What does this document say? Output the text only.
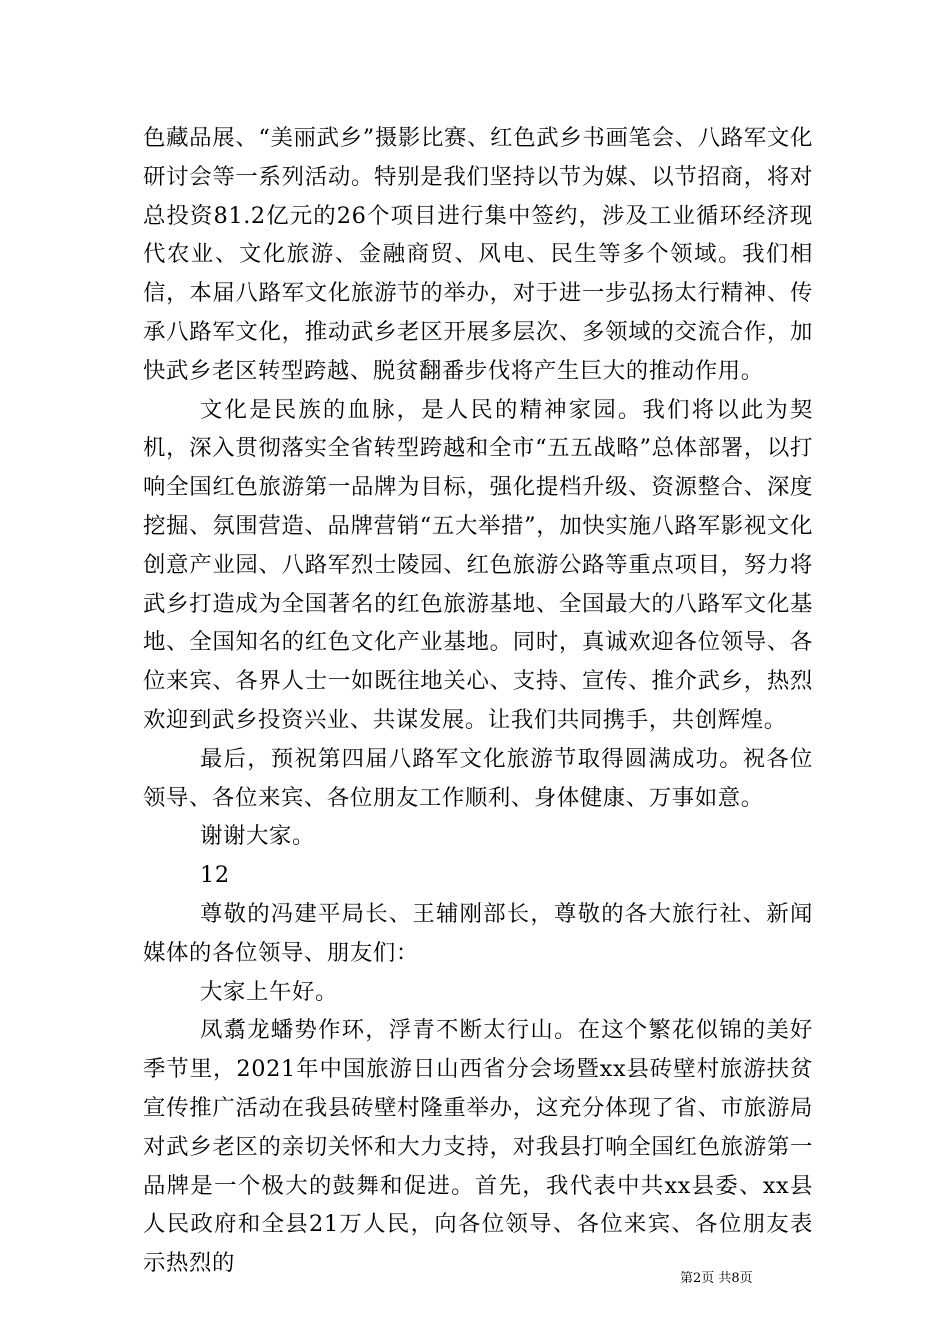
色藏品展、“美丽武乡”摄影比赛、红色武乡书画笔会、八路军文化研讨会等一系列活动。特别是我们坚持以节为媒、以节招商，将对总投资81.2亿元的26个项目进行集中签约，涉及工业循环经济现代农业、文化旅游、金融商贸、风电、民生等多个领域。我们相信，本届八路军文化旅游节的举办，对于进一步弘扬太行精神、传承八路军文化，推动武乡老区开展多层次、多领域的交流合作，加快武乡老区转型跨越、脱贫翻番步伐将产生巨大的推动作用。

文化是民族的血脉，是人民的精神家园。我们将以此为契机，深入贯彻落实全省转型跨越和全市“五五战略”总体部署，以打响全国红色旅游第一品牌为目标，强化提档升级、资源整合、深度挖掘、氛围营造、品牌营销“五大举措”，加快实施八路军影视文化创意产业园、八路军烈士陵园、红色旅游公路等重点项目，努力将武乡打造成为全国著名的红色旅游基地、全国最大的八路军文化基地、全国知名的红色文化产业基地。同时，真诚欢迎各位领导、各位来宾、各界人士一如既往地关心、支持、宣传、推介武乡，热烈欢迎到武乡投资兴业、共谋发展。让我们共同携手，共创辉煌。

最后，预祝第四届八路军文化旅游节取得圆满成功。祝各位领导、各位来宾、各位朋友工作顺利、身体健康、万事如意。

谢谢大家。

12

尊敬的冯建平局长、王辅刚部长，尊敬的各大旅行社、新闻媒体的各位领导、朋友们：

大家上午好。

凤翥龙蟠势作环，浮青不断太行山。在这个繁花似锦的美好季节里，2021年中国旅游日山西省分会场暨xx县砖壁村旅游扶贫宣传推广活动在我县砖壁村隆重举办，这充分体现了省、市旅游局对武乡老区的亲切关怀和大力支持，对我县打响全国红色旅游第一品牌是一个极大的鼓舞和促进。首先，我代表中共xx县委、xx县人民政府和全县21万人民，向各位领导、各位来宾、各位朋友表示热烈的

第2页 共8页
